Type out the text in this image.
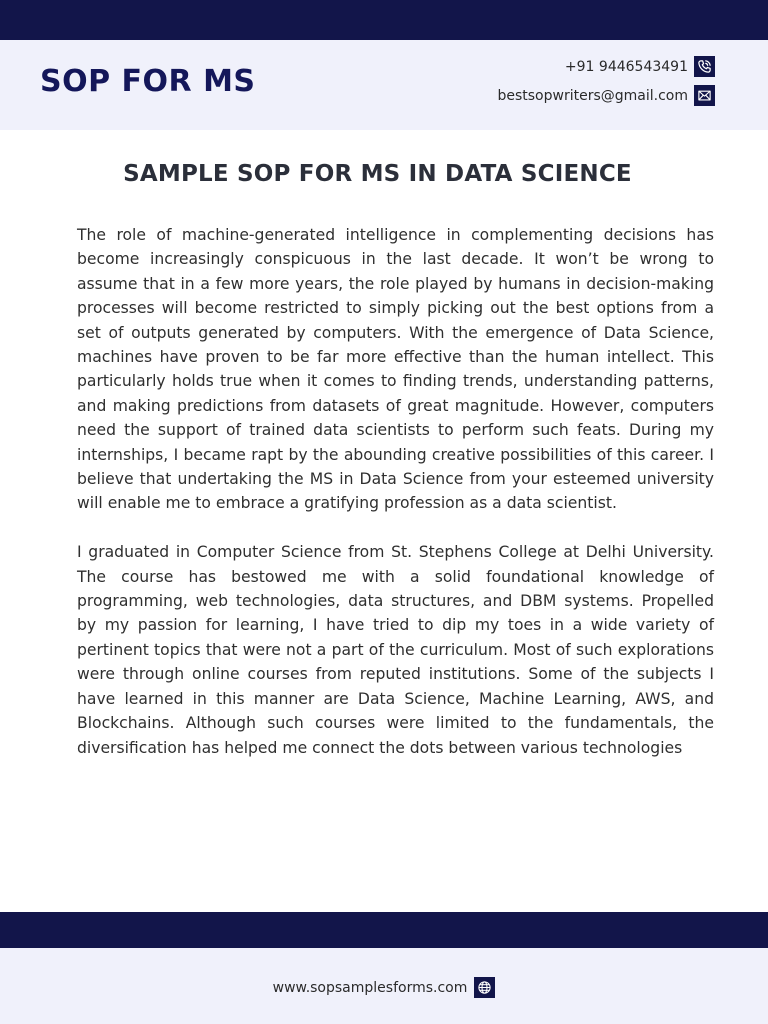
SOP FOR MS	+91 9446543491
bestsopwriters@gmail.com
SAMPLE SOP FOR MS IN DATA SCIENCE

The role of machine-generated intelligence in complementing decisions has become increasingly conspicuous in the last decade. It won’t be wrong to assume that in a few more years, the role played by humans in decision-making processes will become restricted to simply picking out the best options from a set of outputs generated by computers. With the emergence of Data Science, machines have proven to be far more effective than the human intellect. This particularly holds true when it comes to finding trends, understanding patterns, and making predictions from datasets of great magnitude. However, computers need the support of trained data scientists to perform such feats. During my internships, I became rapt by the abounding creative possibilities of this career. I believe that undertaking the MS in Data Science from your esteemed university will enable me to embrace a gratifying profession as a data scientist.

I graduated in Computer Science from St. Stephens College at Delhi University. The course has bestowed me with a solid foundational knowledge of programming, web technologies, data structures, and DBM systems. Propelled by my passion for learning, I have tried to dip my toes in a wide variety of pertinent topics that were not a part of the curriculum. Most of such explorations were through online courses from reputed institutions. Some of the subjects I have learned in this manner are Data Science, Machine Learning, AWS, and Blockchains. Although such courses were limited to the fundamentals, the diversification has helped me connect the dots between various technologies

www.sopsamplesforms.com
